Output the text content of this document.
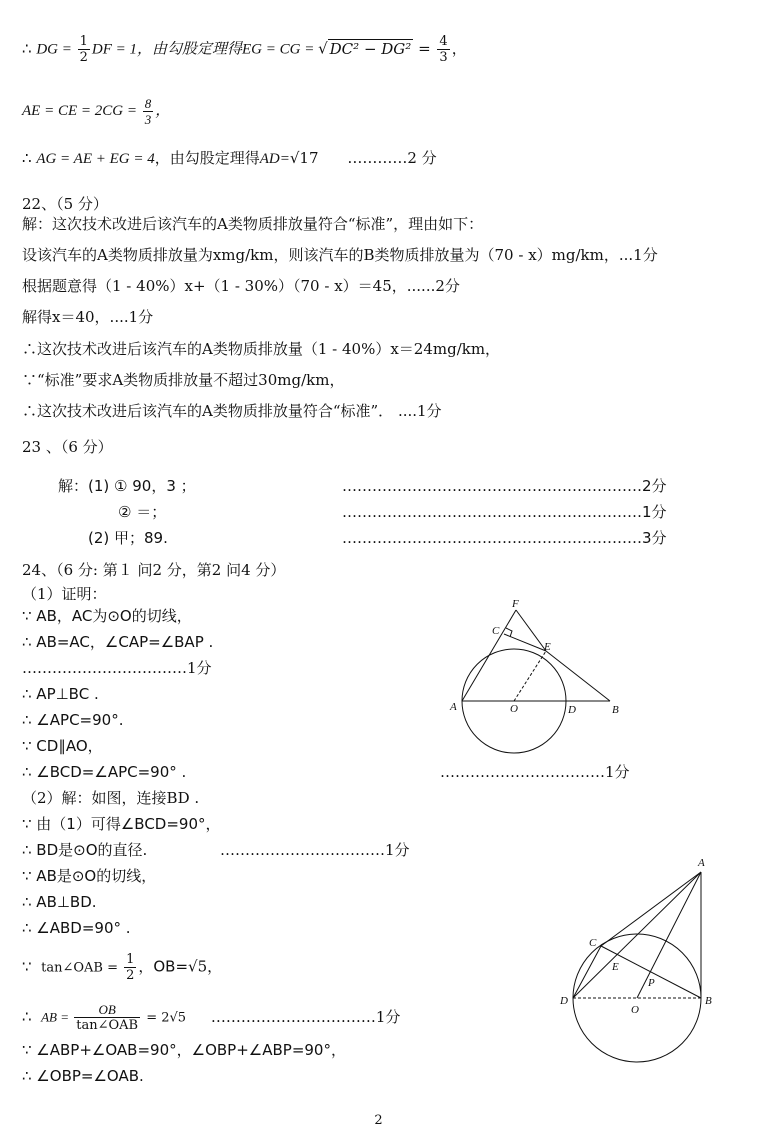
∴ DG = $\frac{1}{2}$ DF = 1，由勾股定理得EG = CG = √ $DC^2 - DG^2 = \frac{4}{3}$ ，
AE = CE = $2CG = \frac{8}{3}$ ，
∴ AG = AE + EG = 4，由勾股定理得AD=√17 …………2 分
22、（5 分）
解：这次技术改进后该汽车的A类物质排放量符合“标准”，理由如下：
设该汽车的A类物质排放量为xmg/km，则该汽车的B类物质排放量为（70 - x）mg/km，...1分
根据题意得（1 - 40%）x+（1 - 30%）（70 - x）＝45，......2分
解得x＝40，....1分
∴这次技术改进后该汽车的A类物质排放量（1 - 40%）x＝24mg/km，
∵“标准”要求A类物质排放量不超过30mg/km，
∴这次技术改进后该汽车的A类物质排放量符合“标准”． ....1分
23 、（6 分）
解：(1) ① 90，3 ；	……………………………………………………2分
② ＝；	……………………………………………………1分
(2) 甲；89.	……………………………………………………3分
24、（6 分: 第１ 问2 分，第2 问4 分）
（1）证明：
∵ AB，AC为⊙O的切线，
∴ AB=AC，∠CAP=∠BAP .
……………………………1分
∴ AP⊥BC .
∴ ∠APC=90°.
∵ CD∥AO，
∴ ∠BCD=∠APC=90° .	……………………………1分
（2）解：如图，连接BD .
∵ 由（1）可得∠BCD=90°，
∴ BD是⊙O的直径.	……………………………1分
∵ AB是⊙O的切线，
∴ AB⊥BD.
∴ ∠ABD=90° .
∵ tan∠OAB = $\frac{1}{2}$ ，OB=√5，
∴ AB = $\frac{OB}{\text{tan∠OAB}} = 2√5$ ……………………………1分
∵ ∠ABP+∠OAB=90°，∠OBP+∠ABP=90°，
∴ ∠OBP=∠OAB.
F
C
E
A	O	D	B
A
C
E
P
D
O
B
2
